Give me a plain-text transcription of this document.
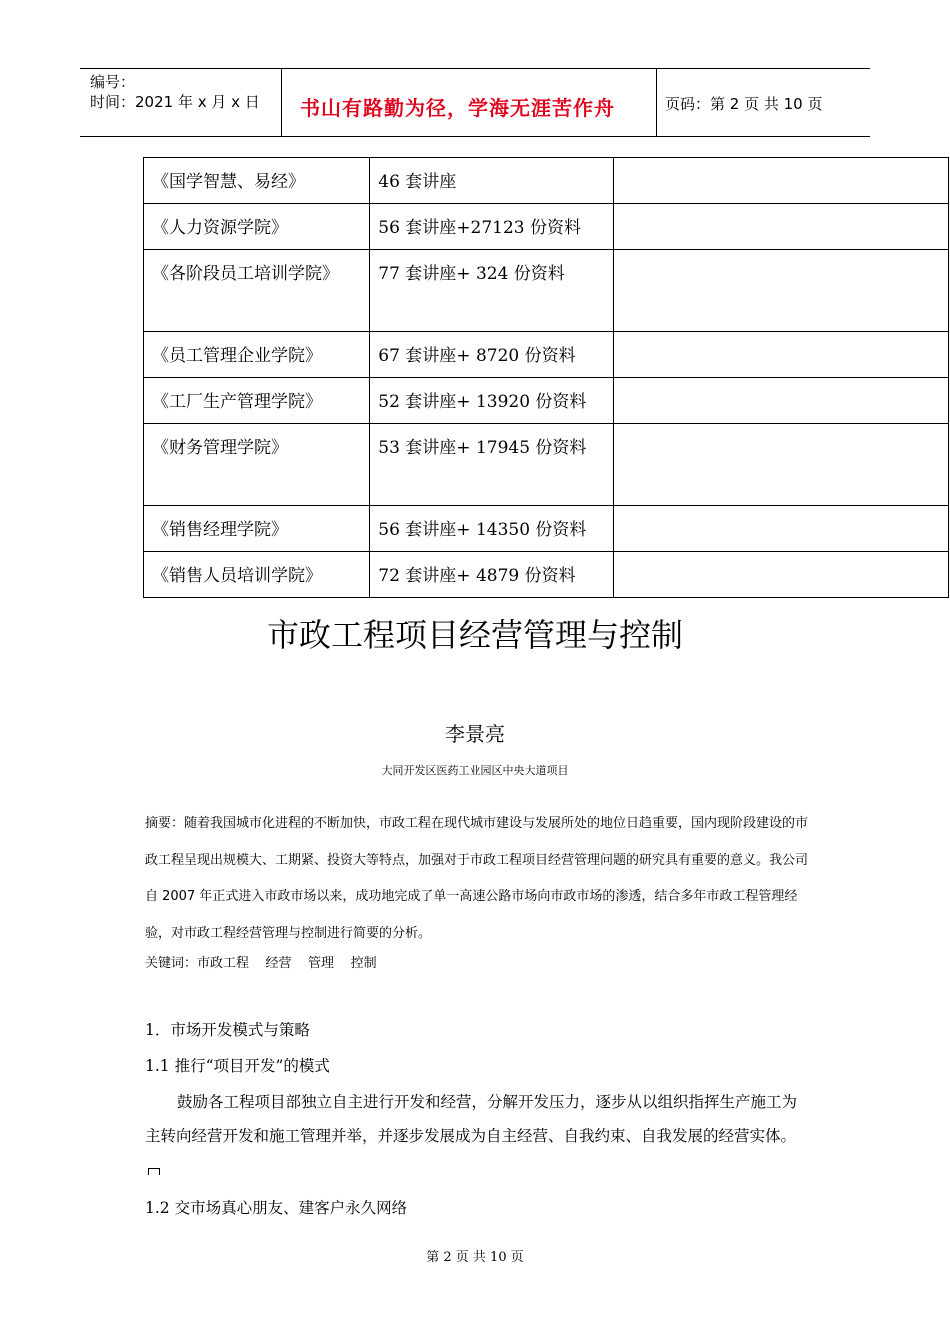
编号：
时间：2021 年 x 月 x 日 书山有路勤为径，学海无涯苦作舟	页码：第 2 页 共 10 页
《国学智慧、易经》	46 套讲座	
《人力资源学院》	56 套讲座+27123 份资料	
《各阶段员工培训学院》	77 套讲座+ 324 份资料	
《员工管理企业学院》	67 套讲座+ 8720 份资料	
《工厂生产管理学院》	52 套讲座+ 13920 份资料	
《财务管理学院》	53 套讲座+ 17945 份资料	
《销售经理学院》	56 套讲座+ 14350 份资料	
《销售人员培训学院》	72 套讲座+ 4879 份资料	
市政工程项目经营管理与控制
李景亮
大同开发区医药工业园区中央大道项目
摘要：随着我国城市化进程的不断加快，市政工程在现代城市建设与发展所处的地位日趋重要，国内现阶段建设的市政工程呈现出规模大、工期紧、投资大等特点，加强对于市政工程项目经营管理问题的研究具有重要的意义。我公司自 2007 年正式进入市政市场以来，成功地完成了单一高速公路市场向市政市场的渗透，结合多年市政工程管理经验，对市政工程经营管理与控制进行简要的分析。
关键词：市政工程    经营    管理    控制
1．市场开发模式与策略
1.1 推行“项目开发”的模式
鼓励各工程项目部独立自主进行开发和经营，分解开发压力，逐步从以组织指挥生产施工为主转向经营开发和施工管理并举，并逐步发展成为自主经营、自我约束、自我发展的经营实体。
1.2 交市场真心朋友、建客户永久网络
第 2 页 共 10 页
